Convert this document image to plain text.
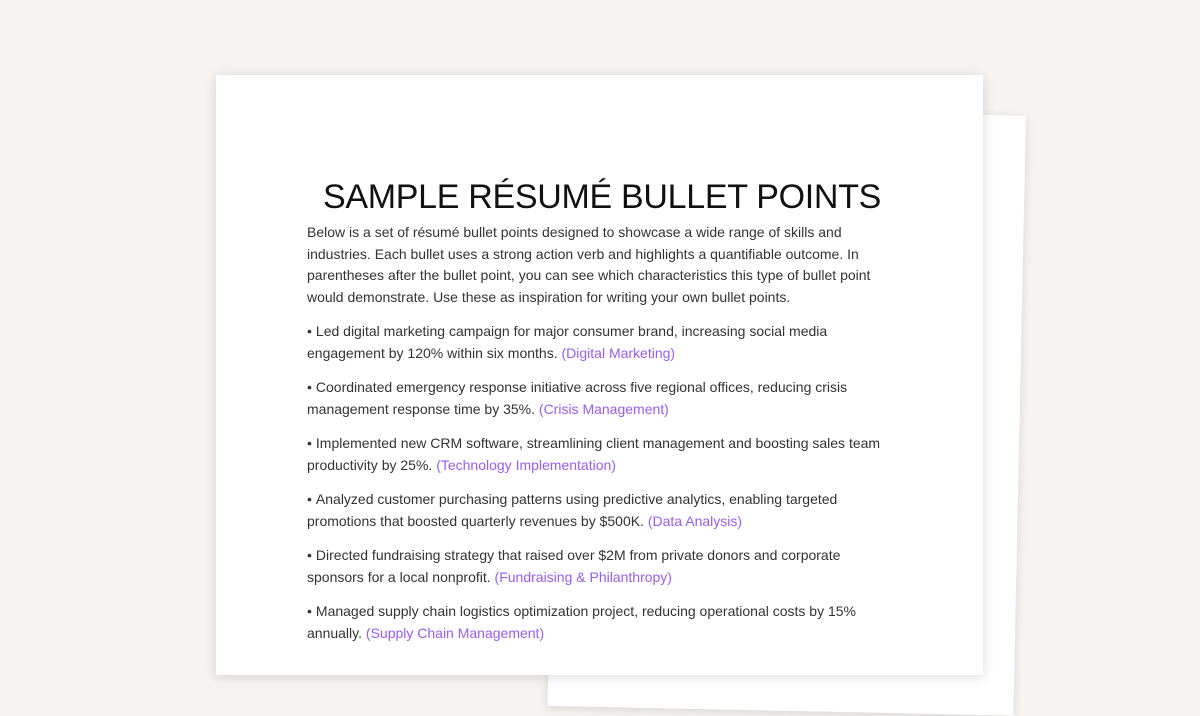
SAMPLE RÉSUMÉ BULLET POINTS

Below is a set of résumé bullet points designed to showcase a wide range of skills and industries. Each bullet uses a strong action verb and highlights a quantifiable outcome. In parentheses after the bullet point, you can see which characteristics this type of bullet point would demonstrate. Use these as inspiration for writing your own bullet points.

• Led digital marketing campaign for major consumer brand, increasing social media engagement by 120% within six months. (Digital Marketing)
• Coordinated emergency response initiative across five regional offices, reducing crisis management response time by 35%. (Crisis Management)
• Implemented new CRM software, streamlining client management and boosting sales team productivity by 25%. (Technology Implementation)
• Analyzed customer purchasing patterns using predictive analytics, enabling targeted promotions that boosted quarterly revenues by $500K. (Data Analysis)
• Directed fundraising strategy that raised over $2M from private donors and corporate sponsors for a local nonprofit. (Fundraising & Philanthropy)
• Managed supply chain logistics optimization project, reducing operational costs by 15% annually. (Supply Chain Management)
